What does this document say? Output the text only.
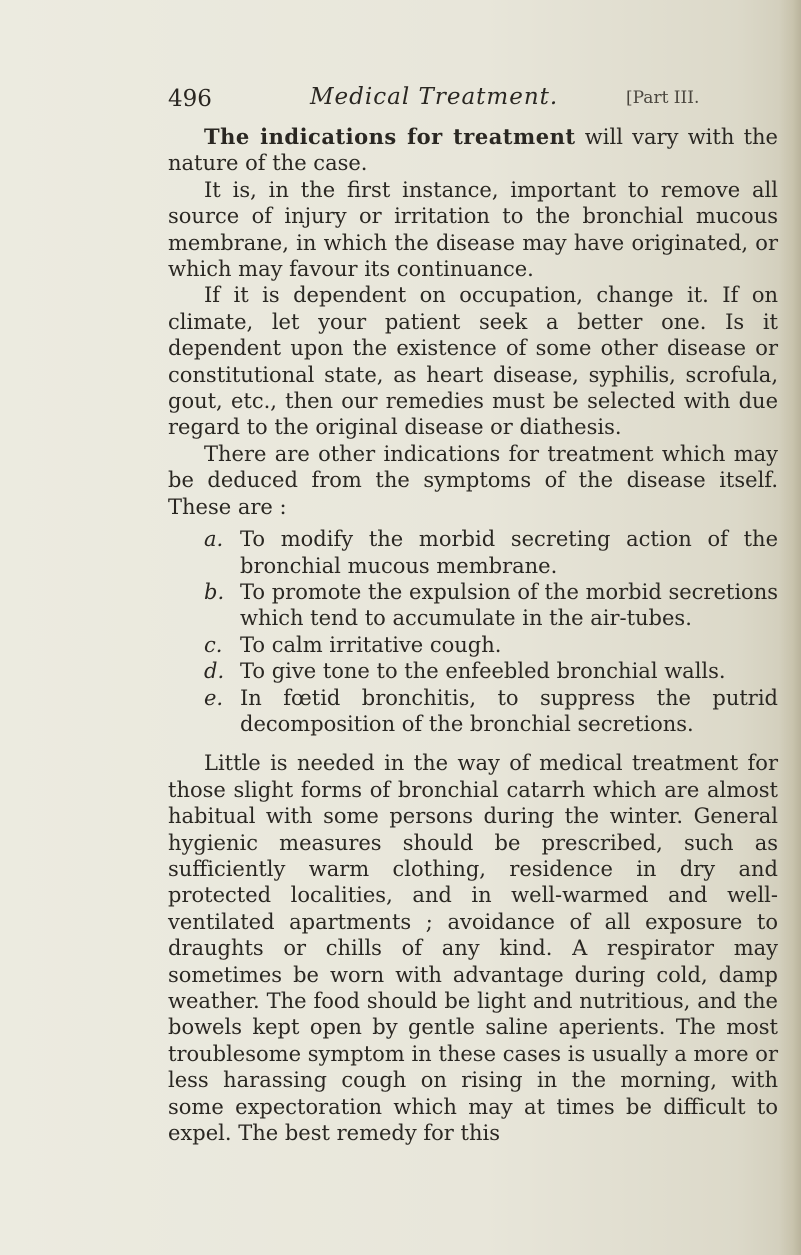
496	Medical Treatment.	[Part III.

The indications for treatment will vary with the nature of the case.

It is, in the first instance, important to remove all source of injury or irritation to the bronchial mucous membrane, in which the disease may have originated, or which may favour its continuance.

If it is dependent on occupation, change it. If on climate, let your patient seek a better one. Is it dependent upon the existence of some other disease or constitutional state, as heart disease, syphilis, scrofula, gout, etc., then our remedies must be selected with due regard to the original disease or diathesis.

There are other indications for treatment which may be deduced from the symptoms of the disease itself. These are :

a. To modify the morbid secreting action of the bronchial mucous membrane.
b. To promote the expulsion of the morbid secretions which tend to accumulate in the air-tubes.
c. To calm irritative cough.
d. To give tone to the enfeebled bronchial walls.
e. In fœtid bronchitis, to suppress the putrid decomposition of the bronchial secretions.

Little is needed in the way of medical treatment for those slight forms of bronchial catarrh which are almost habitual with some persons during the winter. General hygienic measures should be prescribed, such as sufficiently warm clothing, residence in dry and protected localities, and in well-warmed and well-ventilated apartments ; avoidance of all exposure to draughts or chills of any kind. A respirator may sometimes be worn with advantage during cold, damp weather. The food should be light and nutritious, and the bowels kept open by gentle saline aperients. The most troublesome symptom in these cases is usually a more or less harassing cough on rising in the morning, with some expectoration which may at times be difficult to expel. The best remedy for this
